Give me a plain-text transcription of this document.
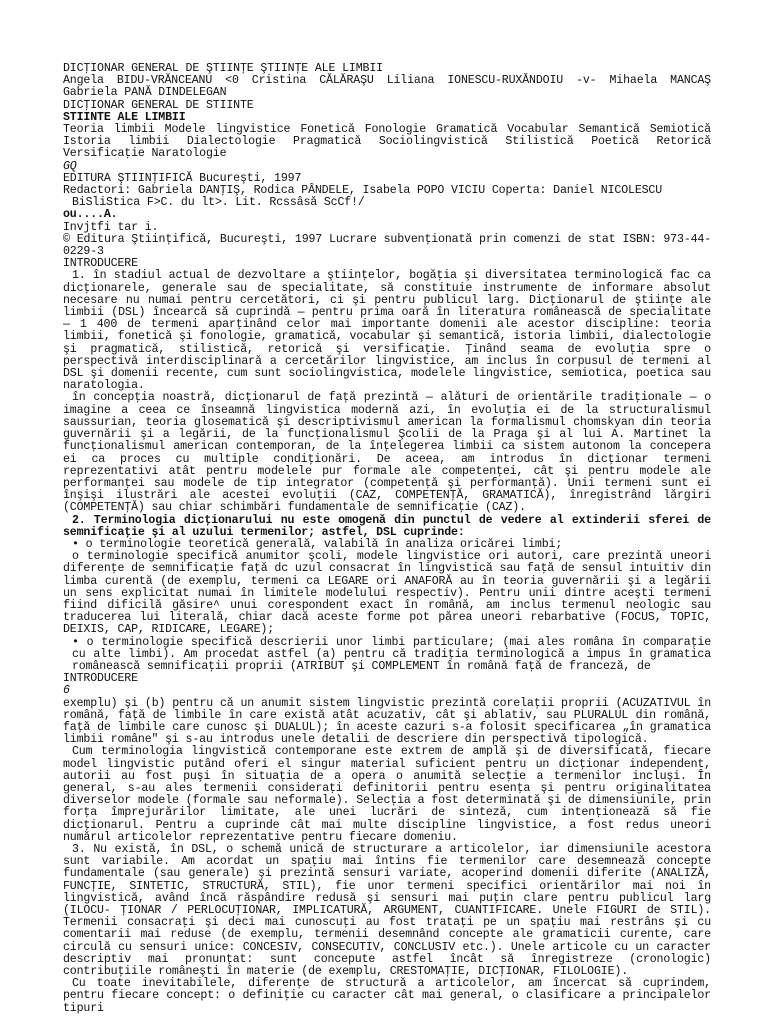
DICŢIONAR GENERAL DE ŞTIINŢE ŞTIINŢE ALE LIMBII
Angela BIDU-VRĂNCEANU <0 Cristina CĂLĂRAŞU Liliana IONESCU-RUXĂNDOIU -v- Mihaela MANCAŞ Gabriela PANĂ DINDELEGAN
DICŢIONAR GENERAL DE STIINTE
STIINTE ALE LIMBII
Teoria limbii Modele lingvistice Fonetică Fonologie Gramatică Vocabular Semantică Semiotică Istoria limbii Dialectologie Pragmatică Sociolingvistică Stilistică Poetică Retorică Versificaţie Naratologie
GQ
EDITURA ŞTIINŢIFICĂ Bucureşti, 1997
Redactori: Gabriela DANŢIŞ, Rodica PÂNDELE, Isabela POPO VICIU Coperta: Daniel NICOLESCU
BiSliStica F>C. du lt>. Lit. Rcssâsă ScCf!/
ou....A.
Invjtfi tar i.
© Editura Ştiinţifică, Bucureşti, 1997 Lucrare subvenţionată prin comenzi de stat ISBN: 973-44-0229-3
INTRODUCERE
1. în stadiul actual de dezvoltare a ştiinţelor, bogăţia şi diversitatea terminologică fac ca dicţionarele, generale sau de specialitate, să constituie instrumente de informare absolut necesare nu numai pentru cercetători, ci şi pentru publicul larg. Dicţionarul de ştiinţe ale limbii (DSL) încearcă să cuprindă — pentru prima oară în literatura românească de specialitate — 1 400 de termeni aparţinând celor mai importante domenii ale acestor discipline: teoria limbii, fonetică şi fonologie, gramatică, vocabular şi semantică, istoria limbii, dialectologie şi pragmatică, stilistică, retorică şi versificaţie. Ţinând seama de evoluţia spre o perspectivă interdisciplinară a cercetărilor lingvistice, am inclus în corpusul de termeni al DSL şi domenii recente, cum sunt sociolingvistica, modelele lingvistice, semiotica, poetica sau naratologia.
în concepţia noastră, dicţionarul de faţă prezintă — alături de orientările tradiţionale — o imagine a ceea ce înseamnă lingvistica modernă azi, în evoluţia ei de la structuralismul saussurian, teoria glosematică şi descriptivismul american la formalismul chomskyan din teoria guvernării şi a legării, de la funcţionalismul Şcolii de la Praga şi al lui A. Martinet la funcţionalismul american contemporan, de la înţelegerea limbii ca sistem autonom la concepera ei ca proces cu multiple condiţionări. De aceea, am introdus în dicţionar termeni reprezentativi atât pentru modelele pur formale ale competenţei, cât şi pentru modele ale performanţei sau modele de tip integrator (competenţă şi performanţă). Unii termeni sunt ei înşişi ilustrări ale acestei evoluţii (CAZ, COMPETENŢĂ, GRAMATICĂ), înregistrând lărgiri (COMPETENŢĂ) sau chiar schimbări fundamentale de semnificaţie (CAZ).
2. Terminologia dicţionarului nu este omogenă din punctul de vedere al extinderii sferei de semnificaţie şi al uzului termenilor; astfel, DSL cuprinde:
• o terminologie teoretică generală, valabilă în analiza oricărei limbi;
o terminologie specifică anumitor şcoli, modele lingvistice ori autori, care prezintă uneori diferenţe de semnificaţie faţă dc uzul consacrat în lingvistică sau faţă de sensul intuitiv din limba curentă (de exemplu, termeni ca LEGARE ori ANAFORĂ au în teoria guvernării şi a legării un sens explicitat numai în limitele modelului respectiv). Pentru unii dintre aceşti termeni fiind dificilă găsire^ unui corespondent exact în română, am inclus termenul neologic sau traducerea lui literală, chiar dacă aceste forme pot părea uneori rebarbative (FOCUS, TOPIC, DEIXIS, CAP, RIDICARE, LEGARE);
• o terminologie specifică descrierii unor limbi particulare; (mai ales româna în comparaţie cu alte limbi). Am procedat astfel (a) pentru că tradiţia terminologică a impus în gramatica românească semnificaţii proprii (ATRIBUT şi COMPLEMENT în română faţă de franceză, de
INTRODUCERE
6
exemplu) şi (b) pentru că un anumit sistem lingvistic prezintă corelaţii proprii (ACUZATIVUL în română, faţă de limbile în care există atât acuzativ, cât şi ablativ, sau PLURALUL din română, faţă de limbile care cunosc şi DUALUL); în aceste cazuri s-a folosit specificarea „în gramatica limbii române" şi s-au introdus unele detalii de descriere din perspectivă tipologică.
Cum terminologia lingvistică contemporane este extrem de amplă şi de diversificată, fiecare model lingvistic putând oferi el singur material suficient pentru un dicţionar independent, autorii au fost puşi în situaţia de a opera o anumită selecţie a termenilor incluşi. În general, s-au ales termenii consideraţi definitorii pentru esenţa şi pentru originalitatea diverselor modele (formale sau neformale). Selecţia a fost determinată şi de dimensiunile, prin forţa împrejurărilor limitate, ale unei lucrări de sinteză, cum intenţionează să fie dicţionarul. Pentru a cuprinde cât mai multe discipline lingvistice, a fost redus uneori numărul articolelor reprezentative pentru fiecare domeniu.
3. Nu există, în DSL, o schemă unică de structurare a articolelor, iar dimensiunile acestora sunt variabile. Am acordat un spaţiu mai întins fie termenilor care desemnează concepte fundamentale (sau generale) şi prezintă sensuri variate, acoperind domenii diferite (ANALIZĂ, FUNCŢIE, SINTETIC, STRUCTURĂ, STIL), fie unor termeni specifici orientărilor mai noi în lingvistică, având încă răspândire redusă şi sensuri mai puţin clare pentru publicul larg (ILOCU- ŢIONAR / PERLOCUŢIONAR, IMPLICATURĂ, ARGUMENT, CUANTIFICARE. Unele FIGURI de STIL). Termenii consacraţi şi deci mai cunoscuţi au fost trataţi pe un spaţiu mai restrâns şi cu comentarii mai reduse (de exemplu, termenii desemnând concepte ale gramaticii curente, care circulă cu sensuri unice: CONCESIV, CONSECUTIV, CONCLUSIV etc.). Unele articole cu un caracter descriptiv mai pronunţat: sunt concepute astfel încât să înregistreze (cronologic) contribuţiile româneşti în materie (de exemplu, CRESTOMAŢIE, DICŢIONAR, FILOLOGIE).
Cu toate inevitabilele, diferenţe de structură a articolelor, am încercat să cuprindem, pentru fiecare concept: o definiţie cu caracter cât mai general, o clasificare a principalelor tipuri
